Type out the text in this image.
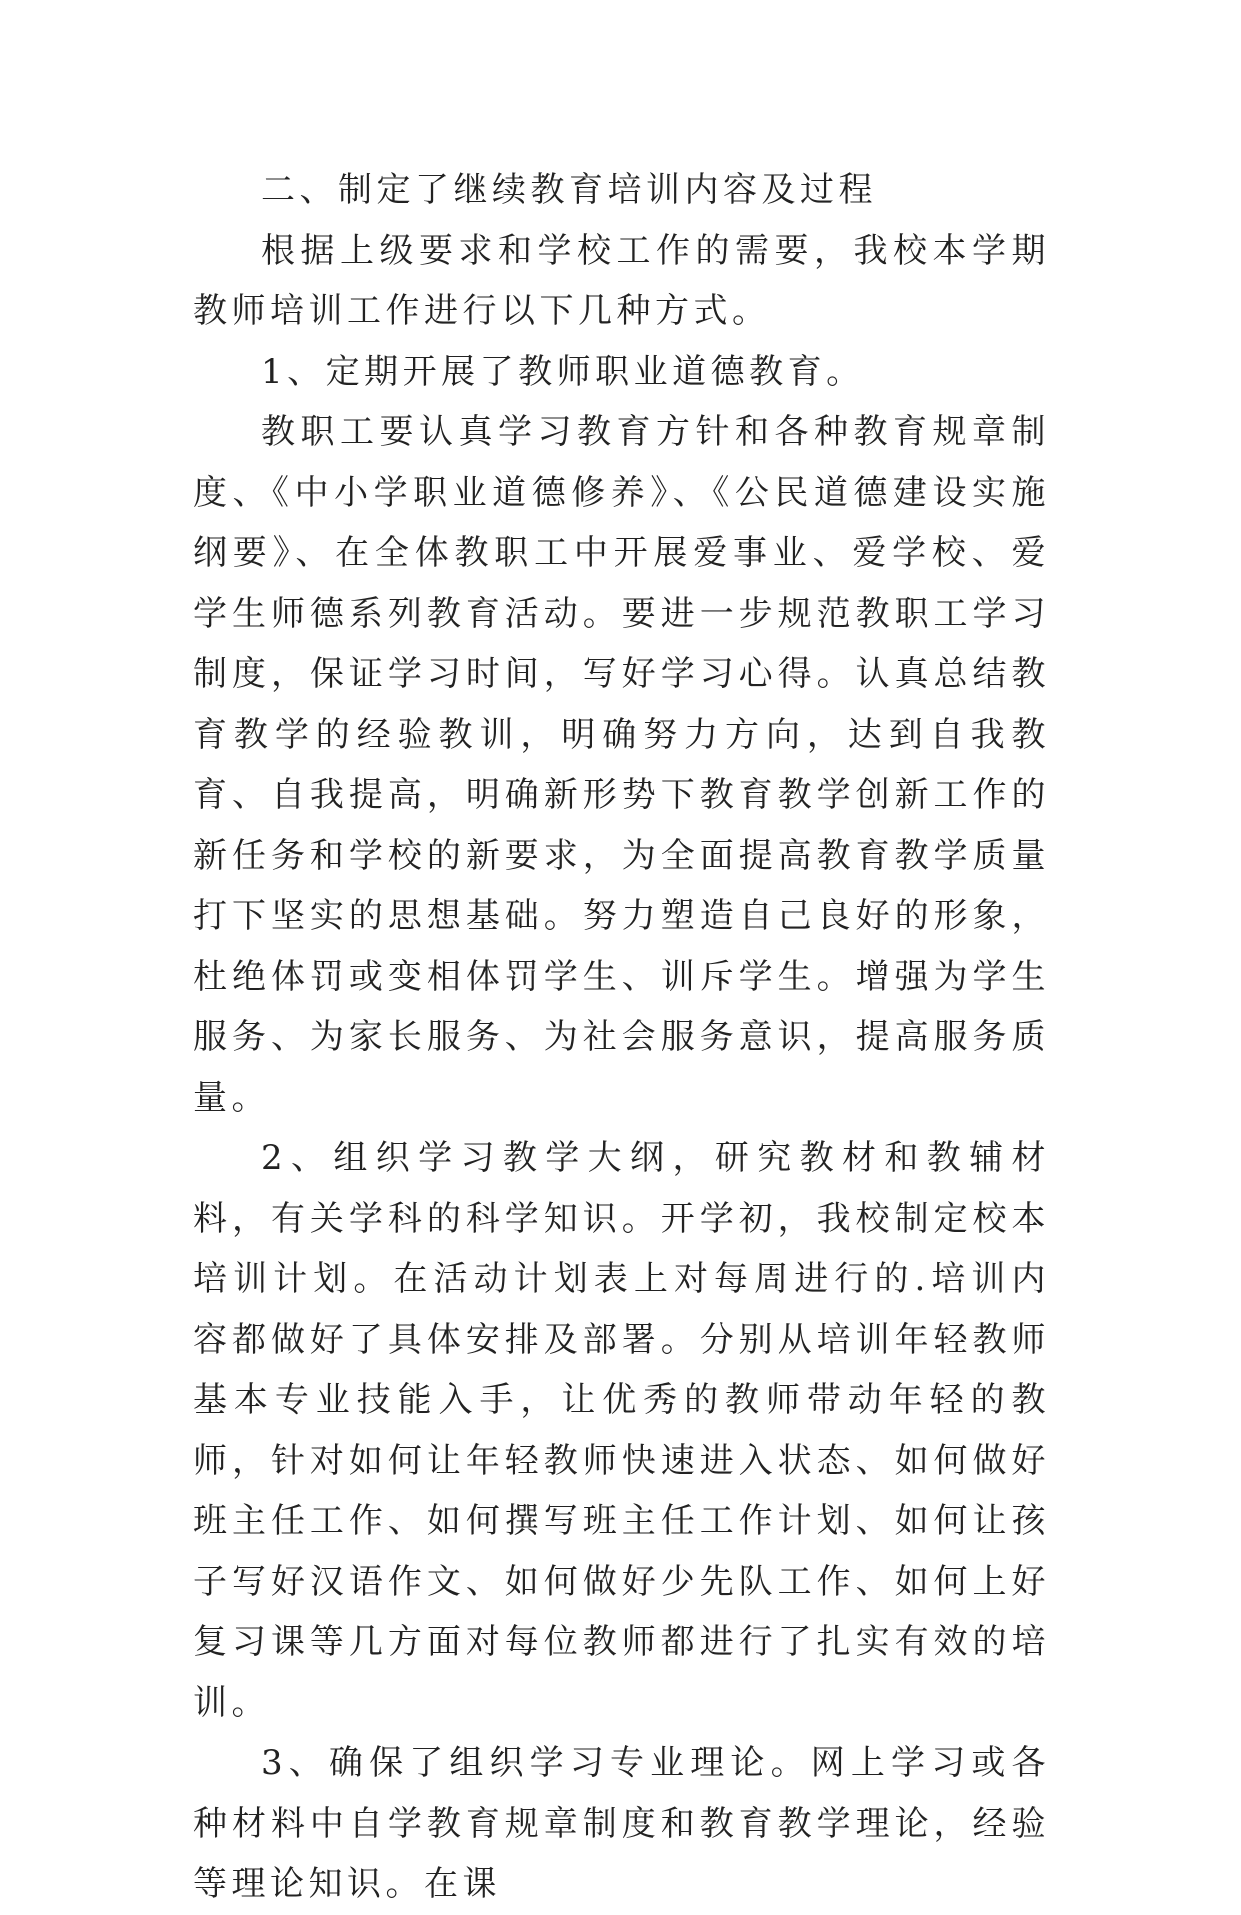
二、制定了继续教育培训内容及过程

根据上级要求和学校工作的需要，我校本学期教师培训工作进行以下几种方式。

1、定期开展了教师职业道德教育。

教职工要认真学习教育方针和各种教育规章制度、《中小学职业道德修养》、《公民道德建设实施纲要》、在全体教职工中开展爱事业、爱学校、爱学生师德系列教育活动。要进一步规范教职工学习制度，保证学习时间，写好学习心得。认真总结教育教学的经验教训，明确努力方向，达到自我教育、自我提高，明确新形势下教育教学创新工作的新任务和学校的新要求，为全面提高教育教学质量打下坚实的思想基础。努力塑造自己良好的形象，杜绝体罚或变相体罚学生、训斥学生。增强为学生服务、为家长服务、为社会服务意识，提高服务质量。

2、组织学习教学大纲，研究教材和教辅材料，有关学科的科学知识。开学初，我校制定校本培训计划。在活动计划表上对每周进行的.培训内容都做好了具体安排及部署。分别从培训年轻教师基本专业技能入手，让优秀的教师带动年轻的教师，针对如何让年轻教师快速进入状态、如何做好班主任工作、如何撰写班主任工作计划、如何让孩子写好汉语作文、如何做好少先队工作、如何上好复习课等几方面对每位教师都进行了扎实有效的培训。

3、确保了组织学习专业理论。网上学习或各种材料中自学教育规章制度和教育教学理论，经验等理论知识。在课
